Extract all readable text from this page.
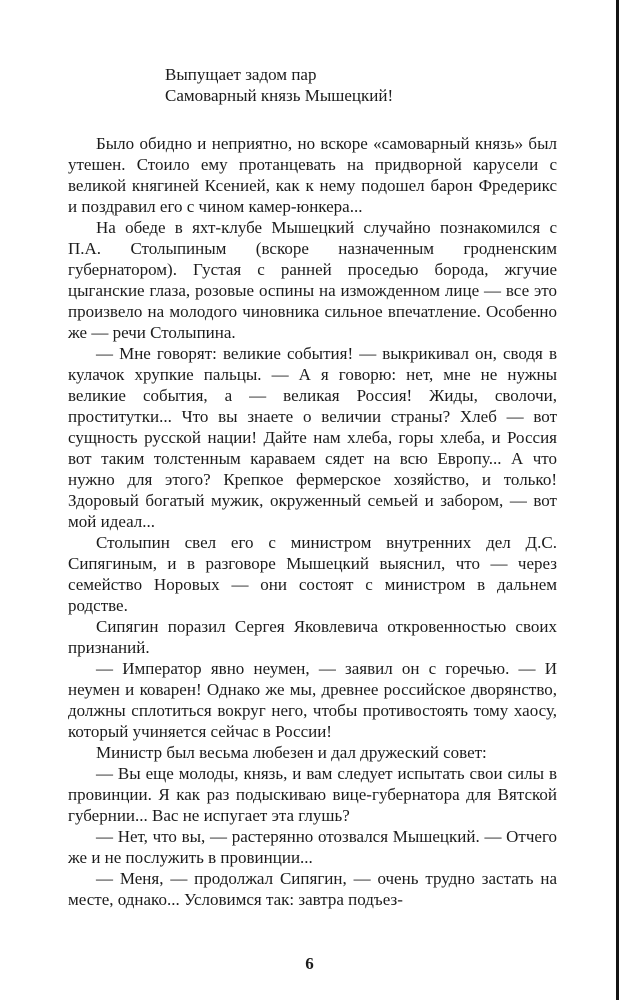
Выпущает задом пар
Самоварный князь Мышецкий!

Было обидно и неприятно, но вскоре «самоварный князь» был утешен. Стоило ему протанцевать на придворной карусели с великой княгиней Ксенией, как к нему подошел барон Фредерикс и поздравил его с чином камер-юнкера...

На обеде в яхт-клубе Мышецкий случайно познакомился с П.А. Столыпиным (вскоре назначенным гродненским губернатором). Густая с ранней проседью борода, жгучие цыганские глаза, розовые оспины на изможденном лице — все это произвело на молодого чиновника сильное впечатление. Особенно же — речи Столыпина.

— Мне говорят: великие события! — выкрикивал он, сводя в кулачок хрупкие пальцы. — А я говорю: нет, мне не нужны великие события, а — великая Россия! Жиды, сволочи, проститутки... Что вы знаете о величии страны? Хлеб — вот сущность русской нации! Дайте нам хлеба, горы хлеба, и Россия вот таким толстенным караваем сядет на всю Европу... А что нужно для этого? Крепкое фермерское хозяйство, и только! Здоровый богатый мужик, окруженный семьей и забором, — вот мой идеал...

Столыпин свел его с министром внутренних дел Д.С. Сипягиным, и в разговоре Мышецкий выяснил, что — через семейство Норовых — они состоят с министром в дальнем родстве.

Сипягин поразил Сергея Яковлевича откровенностью своих признаний.

— Император явно неумен, — заявил он с горечью. — И неумен и коварен! Однако же мы, древнее российское дворянство, должны сплотиться вокруг него, чтобы противостоять тому хаосу, который учиняется сейчас в России!

Министр был весьма любезен и дал дружеский совет:

— Вы еще молоды, князь, и вам следует испытать свои силы в провинции. Я как раз подыскиваю вице-губернатора для Вятской губернии... Вас не испугает эта глушь?

— Нет, что вы, — растерянно отозвался Мышецкий. — Отчего же и не послужить в провинции...

— Меня, — продолжал Сипягин, — очень трудно застать на месте, однако... Условимся так: завтра подъез-

6
